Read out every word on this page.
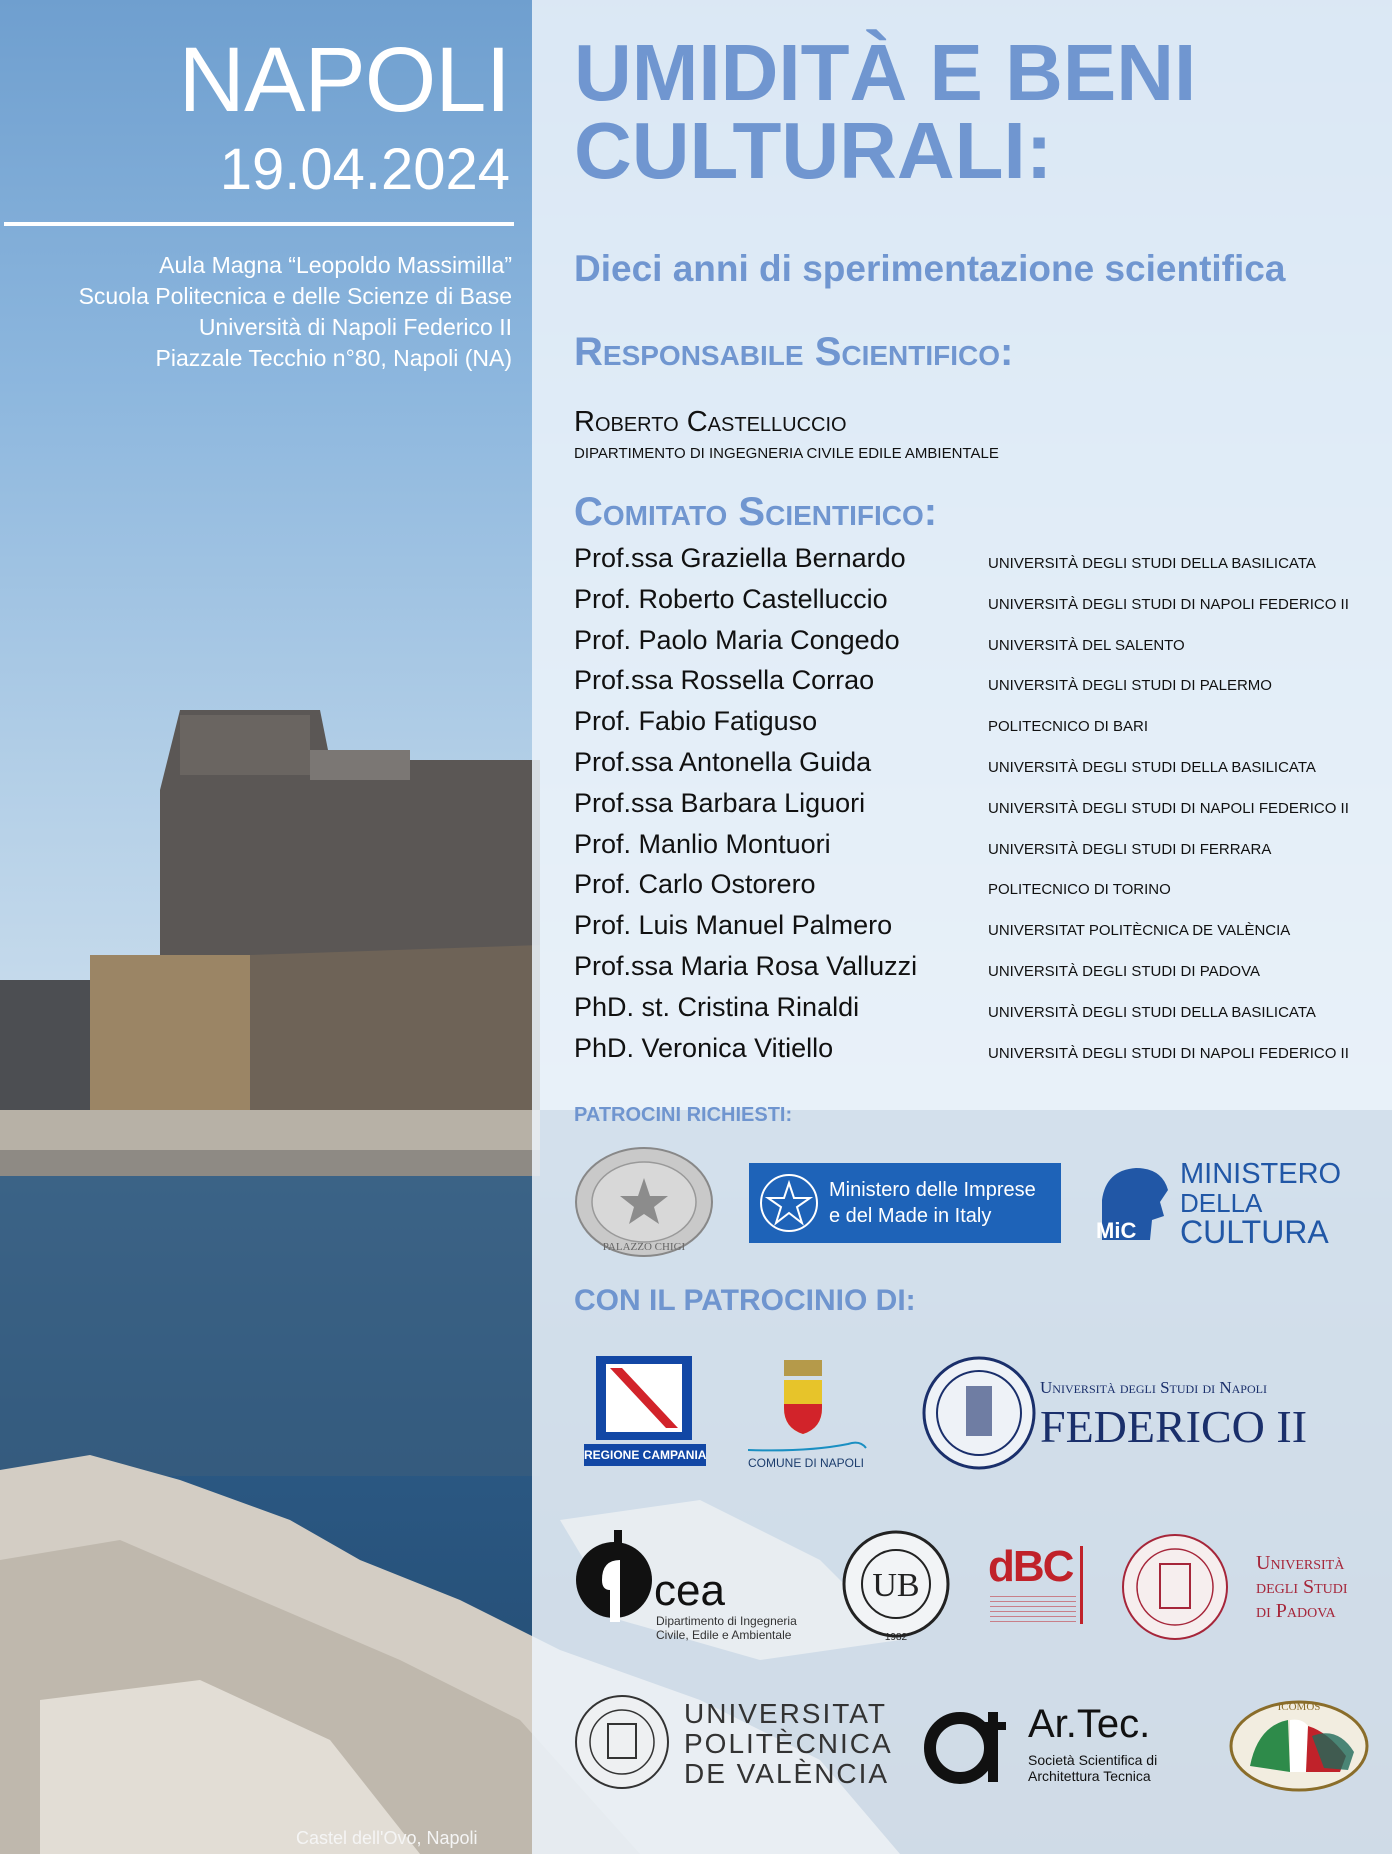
NAPOLI
19.04.2024
Aula Magna “Leopoldo Massimilla”
Scuola Politecnica e delle Scienze di Base
Università di Napoli Federico II
Piazzale Tecchio n°80, Napoli (NA)
Castel dell'Ovo, Napoli
UMIDITÀ E BENI
CULTURALI:
Dieci anni di sperimentazione scientifica
Responsabile Scientifico:
Roberto Castelluccio
DIPARTIMENTO DI INGEGNERIA CIVILE EDILE AMBIENTALE
Comitato Scientifico:
Prof.ssa Graziella Bernardo	UNIVERSITÀ DEGLI STUDI DELLA BASILICATA
Prof. Roberto Castelluccio	UNIVERSITÀ DEGLI STUDI DI NAPOLI FEDERICO II
Prof. Paolo Maria Congedo	UNIVERSITÀ DEL SALENTO
Prof.ssa Rossella Corrao	UNIVERSITÀ DEGLI STUDI DI PALERMO
Prof. Fabio Fatiguso	POLITECNICO DI BARI
Prof.ssa Antonella Guida	UNIVERSITÀ DEGLI STUDI DELLA BASILICATA
Prof.ssa Barbara Liguori	UNIVERSITÀ DEGLI STUDI DI NAPOLI FEDERICO II
Prof. Manlio Montuori	UNIVERSITÀ DEGLI STUDI DI FERRARA
Prof. Carlo Ostorero	POLITECNICO DI TORINO
Prof. Luis Manuel Palmero	UNIVERSITAT POLITÈCNICA DE VALÈNCIA
Prof.ssa Maria Rosa Valluzzi	UNIVERSITÀ DEGLI STUDI DI PADOVA
PhD. st. Cristina Rinaldi	UNIVERSITÀ DEGLI STUDI DELLA BASILICATA
PhD. Veronica Vitiello	UNIVERSITÀ DEGLI STUDI DI NAPOLI FEDERICO II
PATROCINI RICHIESTI:
PALAZZO CHIGI
Ministero delle Imprese
e del Made in Italy
MiC
MINISTERO
DELLA
CULTURA
CON IL PATROCINIO DI:
REGIONE CAMPANIA
COMUNE DI NAPOLI
Università degli Studi di Napoli
FEDERICO II
cea
Dipartimento di Ingegneria
Civile, Edile e Ambientale
UB
1982
dBC	Università
degli Studi
di Padova
UNIVERSITAT
POLITÈCNICA
DE VALÈNCIA
Ar.Tec.
Società Scientifica di
Architettura Tecnica
ICOMOS
